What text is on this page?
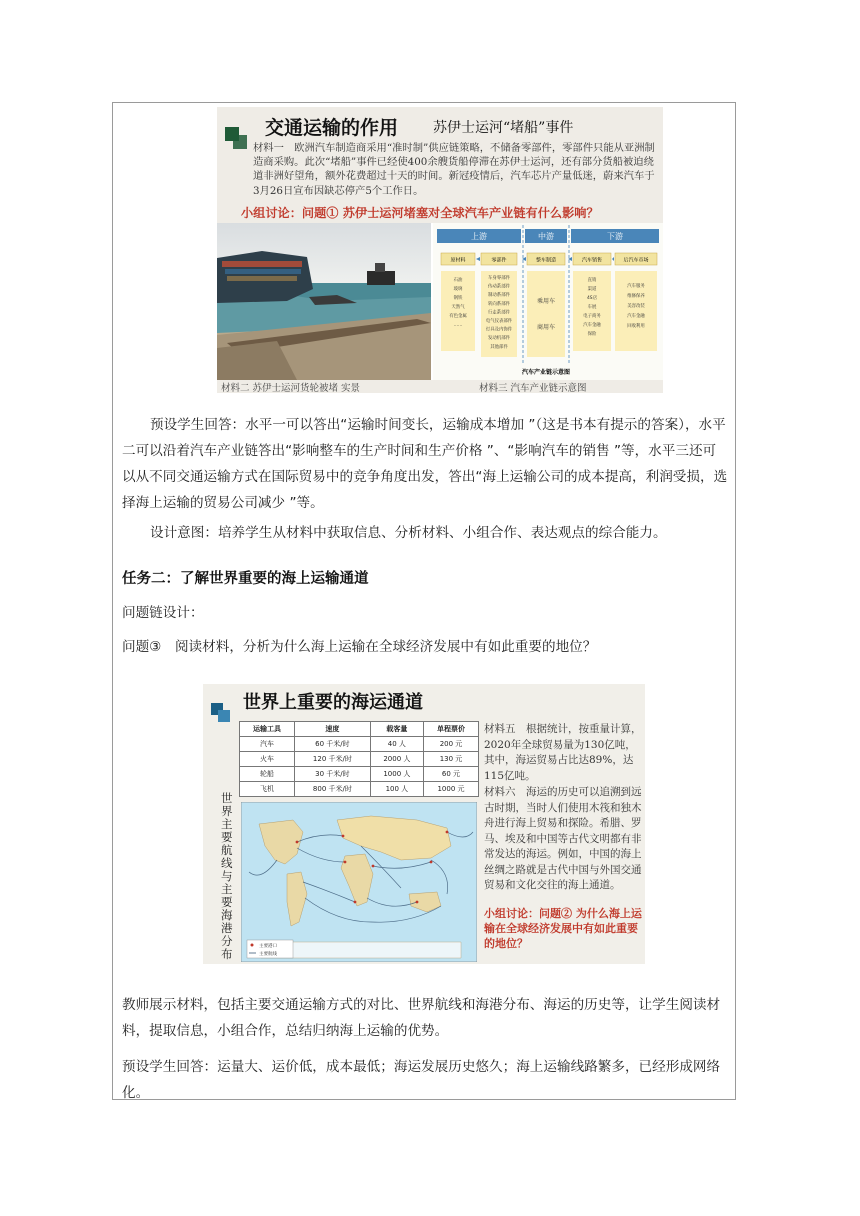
交通运输的作用 苏伊士运河“堵船”事件
材料一　欧洲汽车制造商采用“准时制”供应链策略，不储备零部件，零部件只能从亚洲制造商采购。此次“堵船”事件已经使400余艘货船停滞在苏伊士运河，还有部分货船被迫绕道非洲好望角，额外花费超过十天的时间。新冠疫情后，汽车芯片产量低迷，蔚来汽车于3月26日宣布因缺芯停产5个工作日。
小组讨论：问题① 苏伊士运河堵塞对全球汽车产业链有什么影响？
上游	中游	下游
原材料	零部件	整车制造	汽车销售	后汽车市场
石油
玻璃
钢铁
天然气
有色金属
……
车身零部件
传动系部件
制动系部件
转向系部件
行走系部件
电气仪表部件
灯具及内饰件
发动机部件
其他部件
乘用车
商用车
直销
渠道
4S店
车展
电子商务
汽车金融
保险
汽车服务
维修保养
美容改装
汽车金融
回收利用
汽车产业链示意图
材料二 苏伊士运河货轮被堵 实景	材料三 汽车产业链示意图
预设学生回答：水平一可以答出“运输时间变长，运输成本增加 ”（这是书本有提示的答案），水平二可以沿着汽车产业链答出“影响整车的生产时间和生产价格 ”、“影响汽车的销售 ”等，水平三还可以从不同交通运输方式在国际贸易中的竞争角度出发，答出“海上运输公司的成本提高，利润受损，选择海上运输的贸易公司减少 ”等。
设计意图：培养学生从材料中获取信息、分析材料、小组合作、表达观点的综合能力。
任务二：了解世界重要的海上运输通道
问题链设计：
问题③　阅读材料，分析为什么海上运输在全球经济发展中有如此重要的地位？
世界上重要的海运通道
运输工具	速度	载客量	单程票价
汽车	60 千米/时	40 人	200 元
火车	120 千米/时	2000 人	130 元
轮船	30 千米/时	1000 人	60 元
飞机	800 千米/时	100 人	1000 元
世界主要航线与主要海港分布
主要港口
主要航线
材料五　根据统计，按重量计算，2020年全球贸易量为130亿吨，其中，海运贸易占比达89%，达115亿吨。
材料六　海运的历史可以追溯到远古时期，当时人们使用木筏和独木舟进行海上贸易和探险。希腊、罗马、埃及和中国等古代文明都有非常发达的海运。例如，中国的海上丝绸之路就是古代中国与外国交通贸易和文化交往的海上通道。
小组讨论：问题② 为什么海上运输在全球经济发展中有如此重要的地位？
教师展示材料，包括主要交通运输方式的对比、世界航线和海港分布、海运的历史等，让学生阅读材料，提取信息，小组合作，总结归纳海上运输的优势。
预设学生回答：运量大、运价低，成本最低；海运发展历史悠久；海上运输线路繁多，已经形成网络化。
